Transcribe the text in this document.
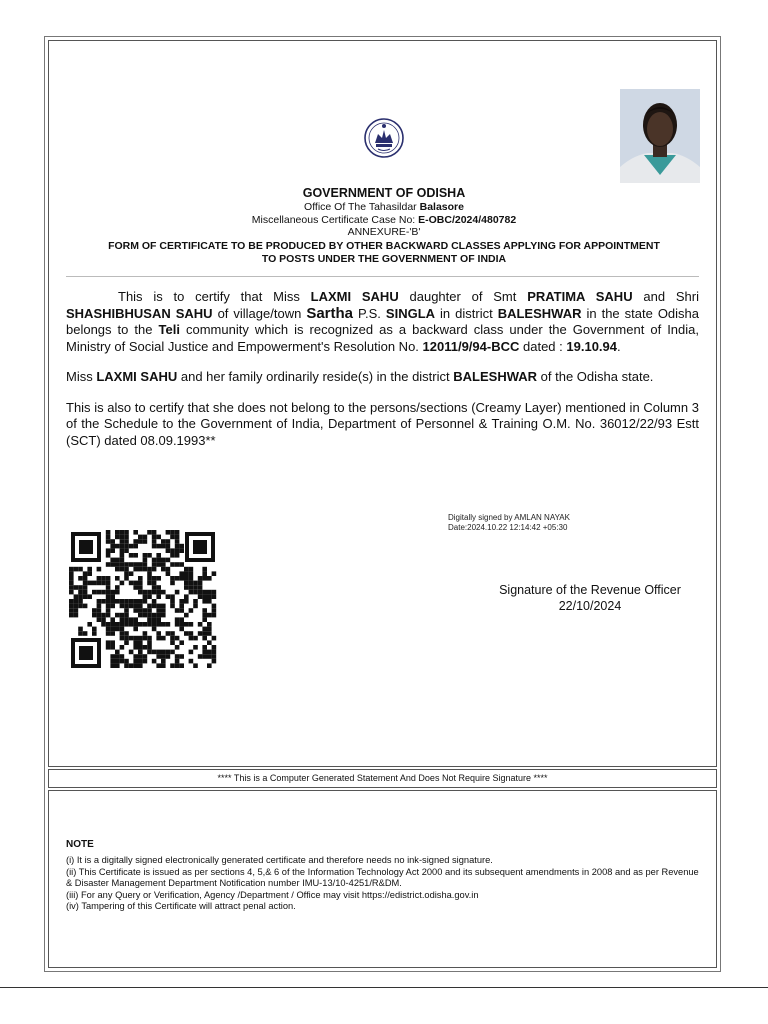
GOVERNMENT OF ODISHA
Office Of The Tahasildar Balasore
Miscellaneous Certificate Case No: E-OBC/2024/480782
ANNEXURE-'B'
FORM OF CERTIFICATE TO BE PRODUCED BY OTHER BACKWARD CLASSES APPLYING FOR APPOINTMENT
TO POSTS UNDER THE GOVERNMENT OF INDIA

This is to certify that Miss LAXMI SAHU daughter of Smt PRATIMA SAHU and Shri SHASHIBHUSAN SAHU of village/town Sartha P.S. SINGLA in district BALESHWAR in the state Odisha belongs to the Teli community which is recognized as a backward class under the Government of India, Ministry of Social Justice and Empowerment's Resolution No. 12011/9/94-BCC dated : 19.10.94.

Miss LAXMI SAHU and her family ordinarily reside(s) in the district BALESHWAR of the Odisha state.

This is also to certify that she does not belong to the persons/sections (Creamy Layer) mentioned in Column 3 of the Schedule to the Government of India, Department of Personnel & Training O.M. No. 36012/22/93 Estt (SCT) dated 08.09.1993**

Digitally signed by AMLAN NAYAK
Date:2024.10.22 12:14:42 +05:30
Signature of the Revenue Officer
22/10/2024
**** This is a Computer Generated Statement And Does Not Require Signature ****
NOTE
(i) It is a digitally signed electronically generated certificate and therefore needs no ink-signed signature.
(ii) This Certificate is issued as per sections 4, 5,& 6 of the Information Technology Act 2000 and its subsequent amendments in 2008 and as per Revenue & Disaster Management Department Notification number IMU-13/10-4251/R&DM.
(iii) For any Query or Verification, Agency /Department / Office may visit https://edistrict.odisha.gov.in
(iv) Tampering of this Certificate will attract penal action.
